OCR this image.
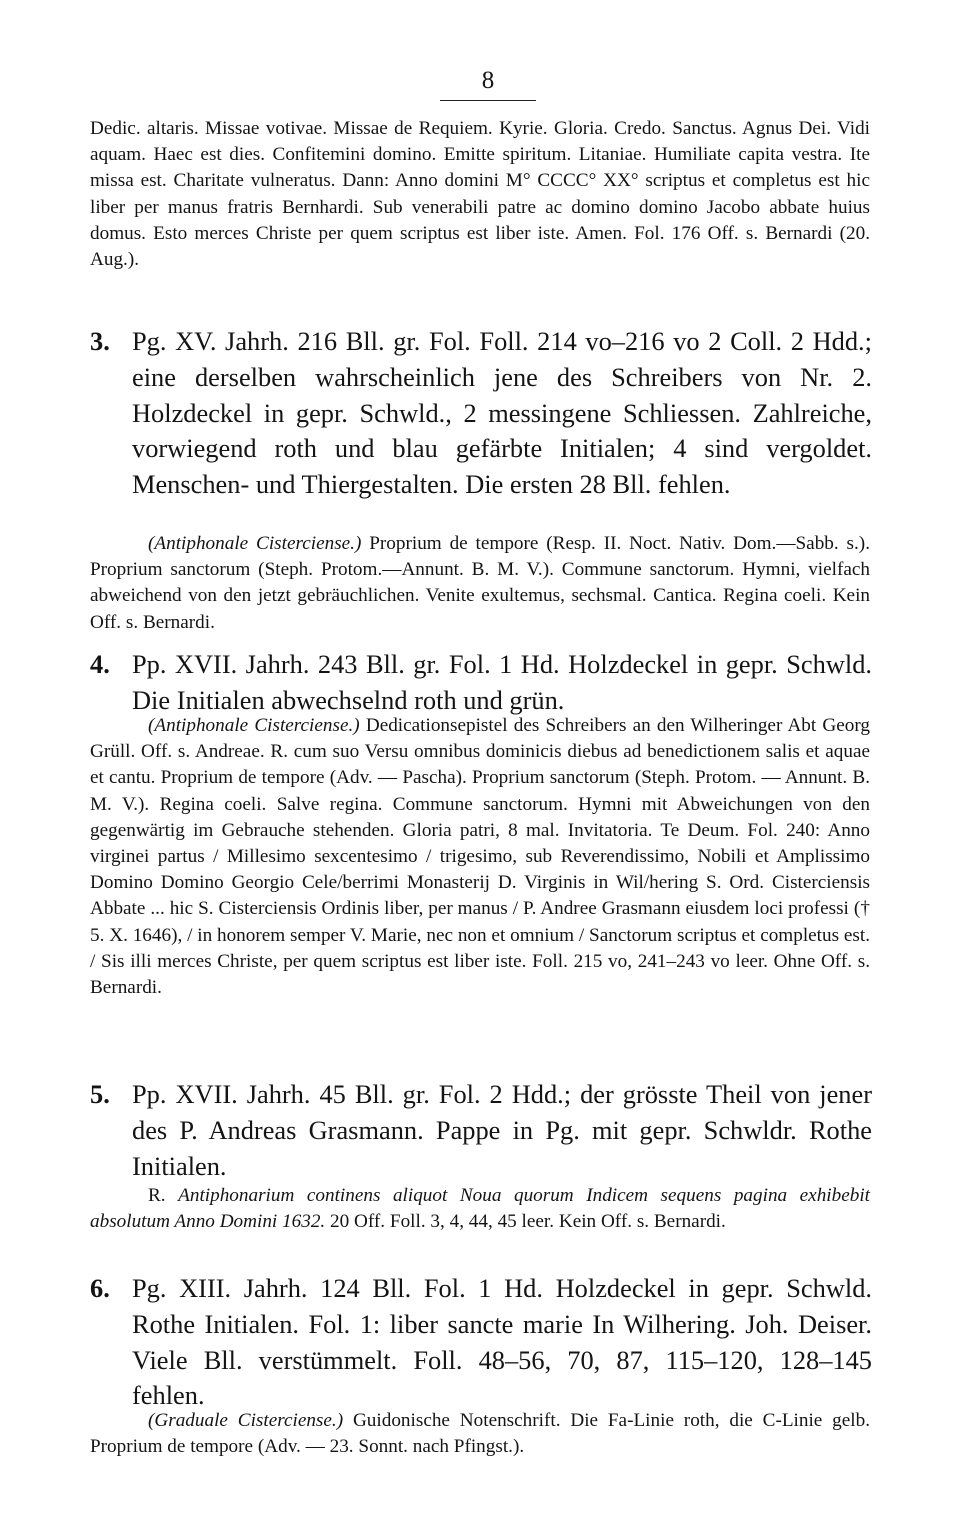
8

Dedic. altaris. Missae votivae. Missae de Requiem. Kyrie. Gloria. Credo. Sanctus. Agnus Dei. Vidi aquam. Haec est dies. Confitemini domino. Emitte spiritum. Litaniae. Humiliate capita vestra. Ite missa est. Charitate vulneratus. Dann: Anno domini M° CCCC° XX° scriptus et completus est hic liber per manus fratris Bernhardi. Sub venerabili patre ac domino domino Jacobo abbate huius domus. Esto merces Christe per quem scriptus est liber iste. Amen. Fol. 176 Off. s. Bernardi (20. Aug.).

3. Pg. XV. Jahrh. 216 Bll. gr. Fol. Foll. 214 vo–216 vo 2 Coll. 2 Hdd.; eine derselben wahrscheinlich jene des Schreibers von Nr. 2. Holzdeckel in gepr. Schwld., 2 messingene Schliessen. Zahlreiche, vorwiegend roth und blau gefärbte Initialen; 4 sind vergoldet. Menschen- und Thiergestalten. Die ersten 28 Bll. fehlen.

(Antiphonale Cisterciense.) Proprium de tempore (Resp. II. Noct. Nativ. Dom.—Sabb. s.). Proprium sanctorum (Steph. Protom.—Annunt. B. M. V.). Commune sanctorum. Hymni, vielfach abweichend von den jetzt gebräuchlichen. Venite exultemus, sechsmal. Cantica. Regina coeli. Kein Off. s. Bernardi.

4. Pp. XVII. Jahrh. 243 Bll. gr. Fol. 1 Hd. Holzdeckel in gepr. Schwld. Die Initialen abwechselnd roth und grün.

(Antiphonale Cisterciense.) Dedicationsepistel des Schreibers an den Wilheringer Abt Georg Grüll. Off. s. Andreae. R. cum suo Versu omnibus dominicis diebus ad benedictionem salis et aquae et cantu. Proprium de tempore (Adv. — Pascha). Proprium sanctorum (Steph. Protom. — Annunt. B. M. V.). Regina coeli. Salve regina. Commune sanctorum. Hymni mit Abweichungen von den gegenwärtig im Gebrauche stehenden. Gloria patri, 8 mal. Invitatoria. Te Deum. Fol. 240: Anno virginei partus / Millesimo sexcentesimo / trigesimo, sub Reverendissimo, Nobili et Amplissimo Domino Domino Georgio Cele/berrimi Monasterij D. Virginis in Wil/hering S. Ord. Cisterciensis Abbate ... hic S. Cisterciensis Ordinis liber, per manus / P. Andree Grasmann eiusdem loci professi († 5. X. 1646), / in honorem semper V. Marie, nec non et omnium / Sanctorum scriptus et completus est. / Sis illi merces Christe, per quem scriptus est liber iste. Foll. 215 vo, 241–243 vo leer. Ohne Off. s. Bernardi.

5. Pp. XVII. Jahrh. 45 Bll. gr. Fol. 2 Hdd.; der grösste Theil von jener des P. Andreas Grasmann. Pappe in Pg. mit gepr. Schwldr. Rothe Initialen.

R. Antiphonarium continens aliquot Noua quorum Indicem sequens pagina exhibebit absolutum Anno Domini 1632. 20 Off. Foll. 3, 4, 44, 45 leer. Kein Off. s. Bernardi.

6. Pg. XIII. Jahrh. 124 Bll. Fol. 1 Hd. Holzdeckel in gepr. Schwld. Rothe Initialen. Fol. 1: liber sancte marie In Wilhering. Joh. Deiser. Viele Bll. verstümmelt. Foll. 48–56, 70, 87, 115–120, 128–145 fehlen.

(Graduale Cisterciense.) Guidonische Notenschrift. Die Fa-Linie roth, die C-Linie gelb. Proprium de tempore (Adv. — 23. Sonnt. nach Pfingst.).
